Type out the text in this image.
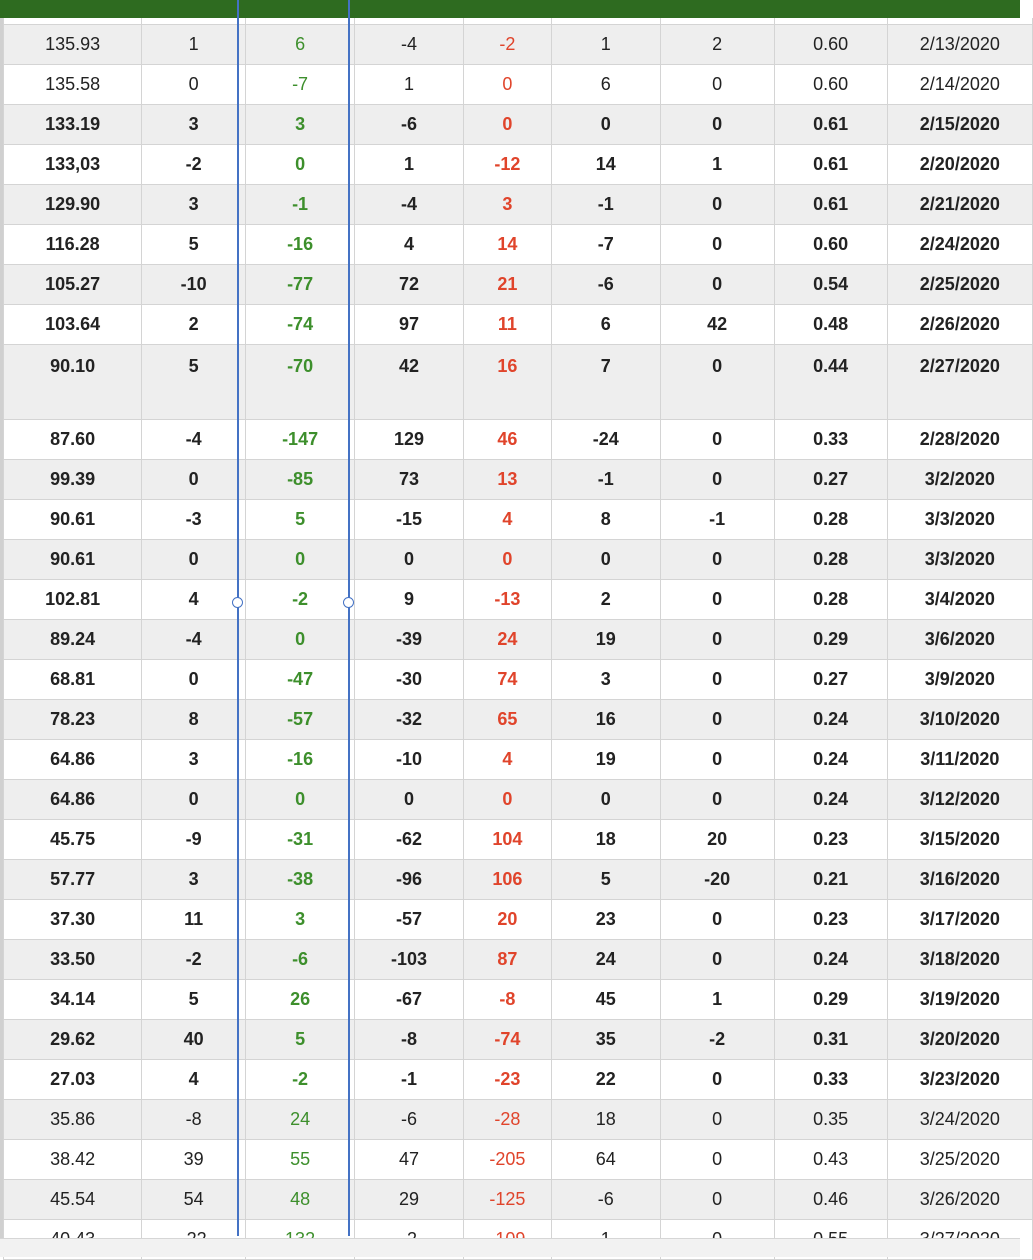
135.93	1	6	-4	-2	1	2	0.60	2/13/2020
135.58	0	-7	1	0	6	0	0.60	2/14/2020
133.19	3	3	-6	0	0	0	0.61	2/15/2020
133,03	-2	0	1	-12	14	1	0.61	2/20/2020
129.90	3	-1	-4	3	-1	0	0.61	2/21/2020
116.28	5	-16	4	14	-7	0	0.60	2/24/2020
105.27	-10	-77	72	21	-6	0	0.54	2/25/2020
103.64	2	-74	97	11	6	42	0.48	2/26/2020
90.10	5	-70	42	16	7	0	0.44	2/27/2020
87.60	-4	-147	129	46	-24	0	0.33	2/28/2020
99.39	0	-85	73	13	-1	0	0.27	3/2/2020
90.61	-3	5	-15	4	8	-1	0.28	3/3/2020
90.61	0	0	0	0	0	0	0.28	3/3/2020
102.81	4	-2	9	-13	2	0	0.28	3/4/2020
89.24	-4	0	-39	24	19	0	0.29	3/6/2020
68.81	0	-47	-30	74	3	0	0.27	3/9/2020
78.23	8	-57	-32	65	16	0	0.24	3/10/2020
64.86	3	-16	-10	4	19	0	0.24	3/11/2020
64.86	0	0	0	0	0	0	0.24	3/12/2020
45.75	-9	-31	-62	104	18	20	0.23	3/15/2020
57.77	3	-38	-96	106	5	-20	0.21	3/16/2020
37.30	11	3	-57	20	23	0	0.23	3/17/2020
33.50	-2	-6	-103	87	24	0	0.24	3/18/2020
34.14	5	26	-67	-8	45	1	0.29	3/19/2020
29.62	40	5	-8	-74	35	-2	0.31	3/20/2020
27.03	4	-2	-1	-23	22	0	0.33	3/23/2020
35.86	-8	24	-6	-28	18	0	0.35	3/24/2020
38.42	39	55	47	-205	64	0	0.43	3/25/2020
45.54	54	48	29	-125	-6	0	0.46	3/26/2020
